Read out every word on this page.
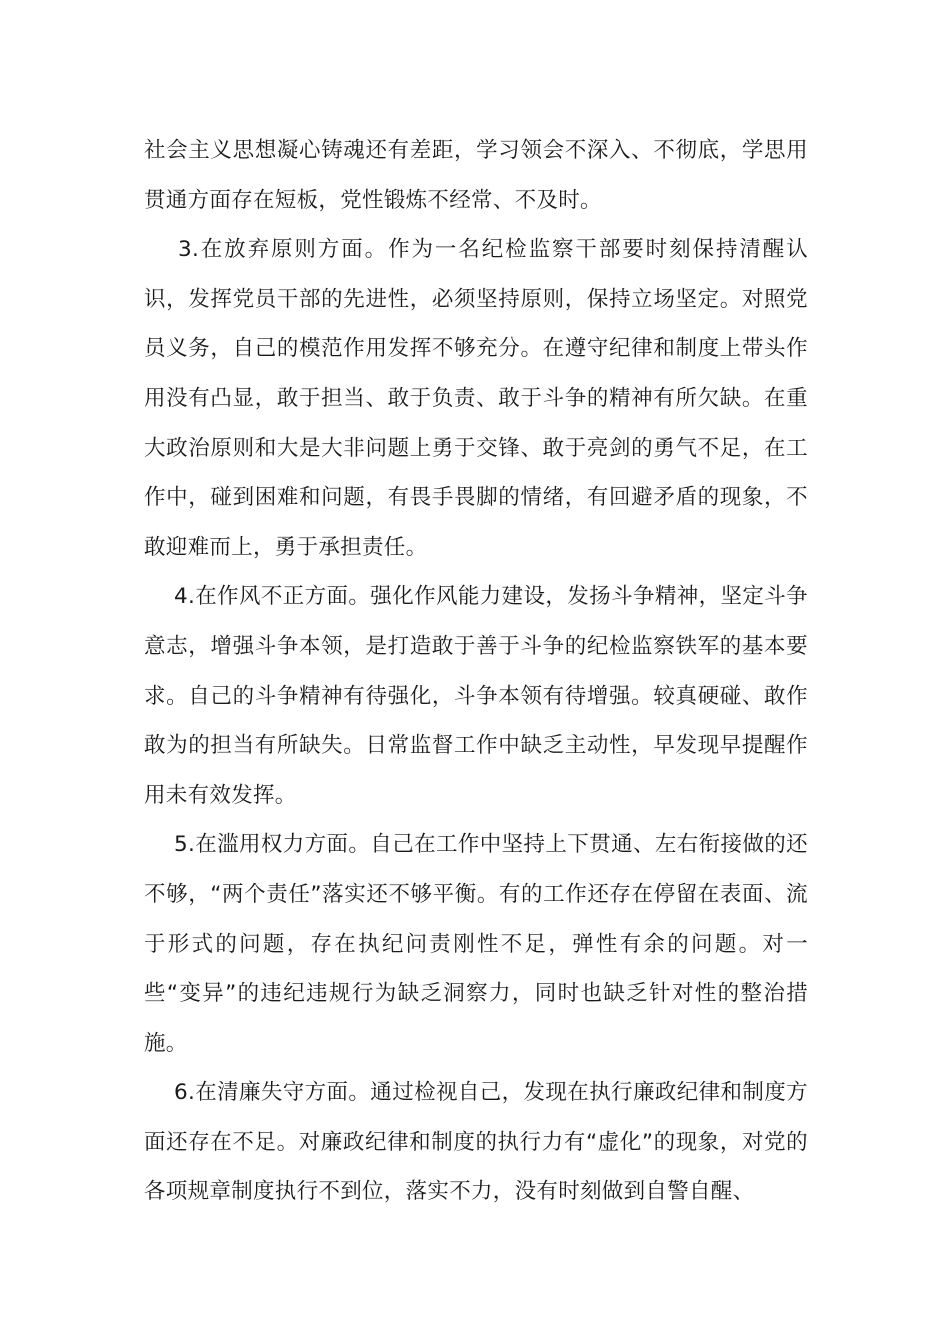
社会主义思想凝心铸魂还有差距，学习领会不深入、不彻底，学思用贯通方面存在短板，党性锻炼不经常、不及时。

3.在放弃原则方面。作为一名纪检监察干部要时刻保持清醒认识，发挥党员干部的先进性，必须坚持原则，保持立场坚定。对照党员义务，自己的模范作用发挥不够充分。在遵守纪律和制度上带头作用没有凸显，敢于担当、敢于负责、敢于斗争的精神有所欠缺。在重大政治原则和大是大非问题上勇于交锋、敢于亮剑的勇气不足，在工作中，碰到困难和问题，有畏手畏脚的情绪，有回避矛盾的现象，不敢迎难而上，勇于承担责任。

4.在作风不正方面。强化作风能力建设，发扬斗争精神，坚定斗争意志，增强斗争本领，是打造敢于善于斗争的纪检监察铁军的基本要求。自己的斗争精神有待强化，斗争本领有待增强。较真硬碰、敢作敢为的担当有所缺失。日常监督工作中缺乏主动性，早发现早提醒作用未有效发挥。

5.在滥用权力方面。自己在工作中坚持上下贯通、左右衔接做的还不够，“两个责任”落实还不够平衡。有的工作还存在停留在表面、流于形式的问题，存在执纪问责刚性不足，弹性有余的问题。对一些“变异”的违纪违规行为缺乏洞察力，同时也缺乏针对性的整治措施。

6.在清廉失守方面。通过检视自己，发现在执行廉政纪律和制度方面还存在不足。对廉政纪律和制度的执行力有“虚化”的现象，对党的各项规章制度执行不到位，落实不力，没有时刻做到自警自醒、
